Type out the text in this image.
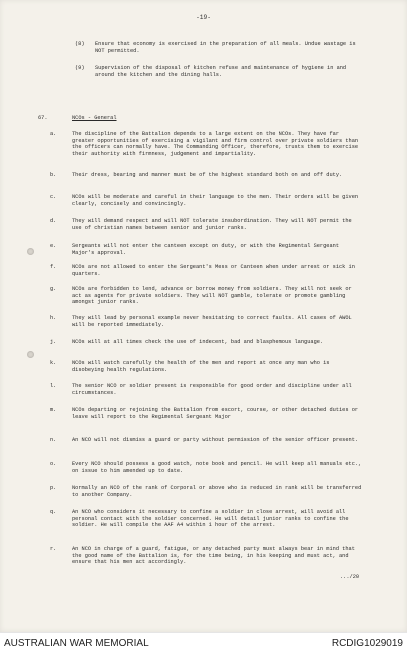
-19-
(8) Ensure that economy is exercised in the preparation of all meals. Undue wastage is NOT permitted.
(9) Supervision of the disposal of kitchen refuse and maintenance of hygiene in and around the kitchen and the dining halls.
67.	NCOs - General
a.	The discipline of the Battalion depends to a large extent on the NCOs. They have far greater opportunities of exercising a vigilant and firm control over private soldiers than the officers can normally have. The Commanding Officer, therefore, trusts them to exercise their authority with firmness, judgement and impartiality.
b.	Their dress, bearing and manner must be of the highest standard both on and off duty.
c.	NCOs will be moderate and careful in their language to the men. Their orders will be given clearly, concisely and convincingly.
d.	They will demand respect and will NOT tolerate insubordination. They will NOT permit the use of christian names between senior and junior ranks.
e.	Sergeants will not enter the canteen except on duty, or with the Regimental Sergeant Major's approval.
f.	NCOs are not allowed to enter the Sergeant's Mess or Canteen when under arrest or sick in quarters.
g.	NCOs are forbidden to lend, advance or borrow money from soldiers. They will not seek or act as agents for private soldiers. They will NOT gamble, tolerate or promote gambling amongst junior ranks.
h.	They will lead by personal example never hesitating to correct faults. All cases of AWOL will be reported immediately.
j.	NCOs will at all times check the use of indecent, bad and blasphemous language.
k.	NCOs will watch carefully the health of the men and report at once any man who is disobeying health regulations.
l.	The senior NCO or soldier present is responsible for good order and discipline under all circumstances.
m.	NCOs departing or rejoining the Battalion from escort, course, or other detached duties or leave will report to the Regimental Sergeant Major
n.	An NCO will not dismiss a guard or party without permission of the senior officer present.
o.	Every NCO should possess a good watch, note book and pencil. He will keep all manuals etc., on issue to him amended up to date.
p.	Normally an NCO of the rank of Corporal or above who is reduced in rank will be transferred to another Company.
q.	An NCO who considers it necessary to confine a soldier in close arrest, will avoid all personal contact with the soldier concerned. He will detail junior ranks to confine the soldier. He will compile the AAF A4 within 1 hour of the arrest.
r.	An NCO in charge of a guard, fatigue, or any detached party must always bear in mind that the good name of the Battalion is, for the time being, in his keeping and must act, and ensure that his men act accordingly.
.../20
AUSTRALIAN WAR MEMORIAL	RCDIG1029019
